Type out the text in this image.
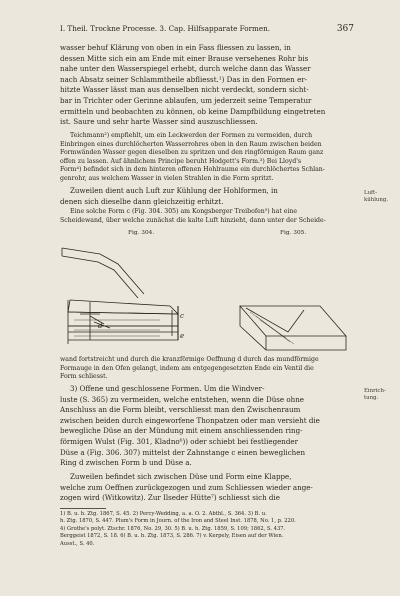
I. Theil. Trockne Processe. 3. Cap. Hilfsapparate Formen.	367
wasser behuf Klärung von oben in ein Fass fliessen zu lassen, in
dessen Mitte sich ein am Ende mit einer Brause versehenes Rohr bis
nahe unter den Wasserspiegel erhebt, durch welche dann das Wasser
nach Absatz seiner Schlammtheile abfliesst.¹) Das in den Formen er-
hitzte Wasser lässt man aus denselben nicht verdeckt, sondern sicht-
bar in Trichter oder Gerinne ablaufen, um jederzeit seine Temperatur
ermitteln und beobachten zu können, ob keine Dampfbildung eingetreten
ist. Saure und sehr harte Wasser sind auszuschliessen.
Teichmann²) empfiehlt, um ein Leckwerden der Formen zu vermeiden, durch
Einbringen eines durchlöcherten Wasserrohres oben in den Raum zwischen beiden
Formwänden Wasser gegen dieselben zu spritzen und den ringförmigen Raum ganz
offen zu lassen. Auf ähnlichem Principe beruht Hodgett's Form.³) Bei Lloyd's
Form⁴) befindet sich in dem hinteren offenen Hohlraume ein durchlöchertes Schlan-
genrohr, aus welchem Wasser in vielen Strahlen in die Form spritzt.
Zuweilen dient auch Luft zur Kühlung der Hohlformen, in
denen sich dieselbe dann gleichzeitig erhitzt.
Luft-
kühlung.
Eine solche Form c (Fig. 304. 305) am Kongsberger Treibofen⁵) hat eine
Scheidewand, über welche zunächst die kalte Luft hinzieht, dann unter der Scheide-
Fig. 304.	Fig. 305.
c
d
e
wand fortstreicht und durch die kranzförmige Oeffnung d durch das mundförmige
Formauge in den Ofen gelangt, indem am entgegengesetzten Ende ein Ventil die
Form schliesst.
3) Offene und geschlossene Formen. Um die Windver-
luste (S. 365) zu vermeiden, welche entstehen, wenn die Düse ohne
Anschluss an die Form bleibt, verschliesst man den Zwischenraum
zwischen beiden durch eingeworfene Thonpatzen oder man versieht die
bewegliche Düse an der Mündung mit einem anschliessenden ring-
förmigen Wulst (Fig. 301, Kladno⁶)) oder schiebt bei festliegender
Düse a (Fig. 306. 307) mittelst der Zahnstange c einen beweglichen
Ring d zwischen Form b und Düse a.
Einrich-
tung.
Zuweilen befindet sich zwischen Düse und Form eine Klappe,
welche zum Oeffnen zurückgezogen und zum Schliessen wieder ange-
zogen wird (Witkowitz). Zur Ilseder Hütte⁷) schliesst sich die
1) B. u. h. Ztg. 1867, S. 45. 2) Percy-Wedding, a. a. O. 2. Abthl., S. 364. 3) B. u.
h. Ztg. 1870, S. 447. Plum's Form in Journ. of the Iron and Steel Inst. 1878, No. 1, p. 220.
4) Grothe's polyt. Ztschr. 1876, No. 29, 30. 5) B. u. h. Ztg. 1859, S. 109; 1862, S. 437.
Berggeist 1872, S. 18. 6) B. u. h. Ztg. 1873, S. 286. 7) v. Kerpely, Eisen auf der Wien.
Ausst., S. 40.
